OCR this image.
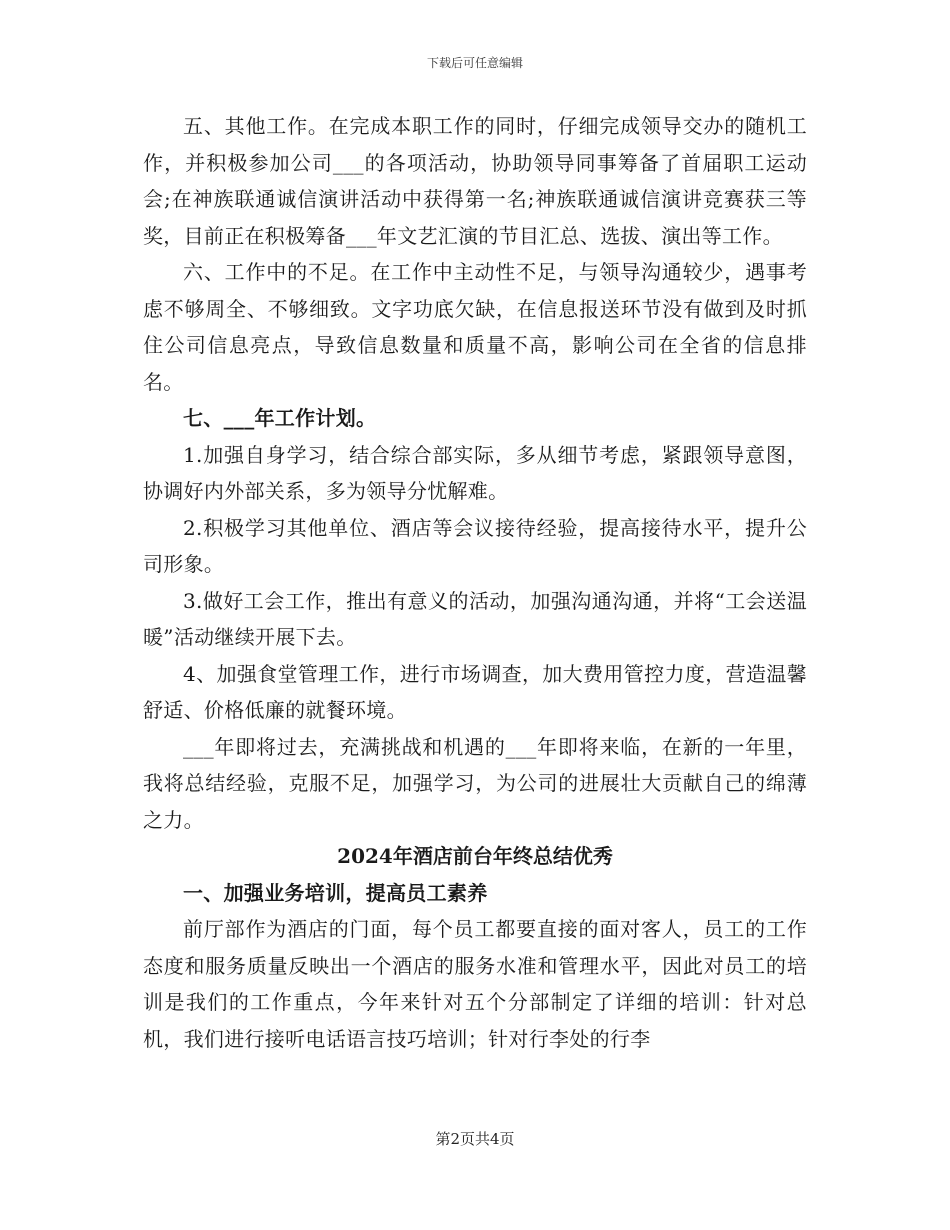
下载后可任意编辑

五、其他工作。在完成本职工作的同时，仔细完成领导交办的随机工作，并积极参加公司___的各项活动，协助领导同事筹备了首届职工运动会;在神族联通诚信演讲活动中获得第一名;神族联通诚信演讲竞赛获三等奖，目前正在积极筹备___年文艺汇演的节目汇总、选拔、演出等工作。

六、工作中的不足。在工作中主动性不足，与领导沟通较少，遇事考虑不够周全、不够细致。文字功底欠缺，在信息报送环节没有做到及时抓住公司信息亮点，导致信息数量和质量不高，影响公司在全省的信息排名。

七、___年工作计划。

1.加强自身学习，结合综合部实际，多从细节考虑，紧跟领导意图，协调好内外部关系，多为领导分忧解难。

2.积极学习其他单位、酒店等会议接待经验，提高接待水平，提升公司形象。

3.做好工会工作，推出有意义的活动，加强沟通沟通，并将“工会送温暖”活动继续开展下去。

4、加强食堂管理工作，进行市场调查，加大费用管控力度，营造温馨舒适、价格低廉的就餐环境。

___年即将过去，充满挑战和机遇的___年即将来临，在新的一年里，我将总结经验，克服不足，加强学习，为公司的进展壮大贡献自己的绵薄之力。

2024年酒店前台年终总结优秀

一、加强业务培训，提高员工素养

前厅部作为酒店的门面，每个员工都要直接的面对客人，员工的工作态度和服务质量反映出一个酒店的服务水准和管理水平，因此对员工的培训是我们的工作重点，今年来针对五个分部制定了详细的培训：针对总机，我们进行接听电话语言技巧培训；针对行李处的行李

第2页共4页
